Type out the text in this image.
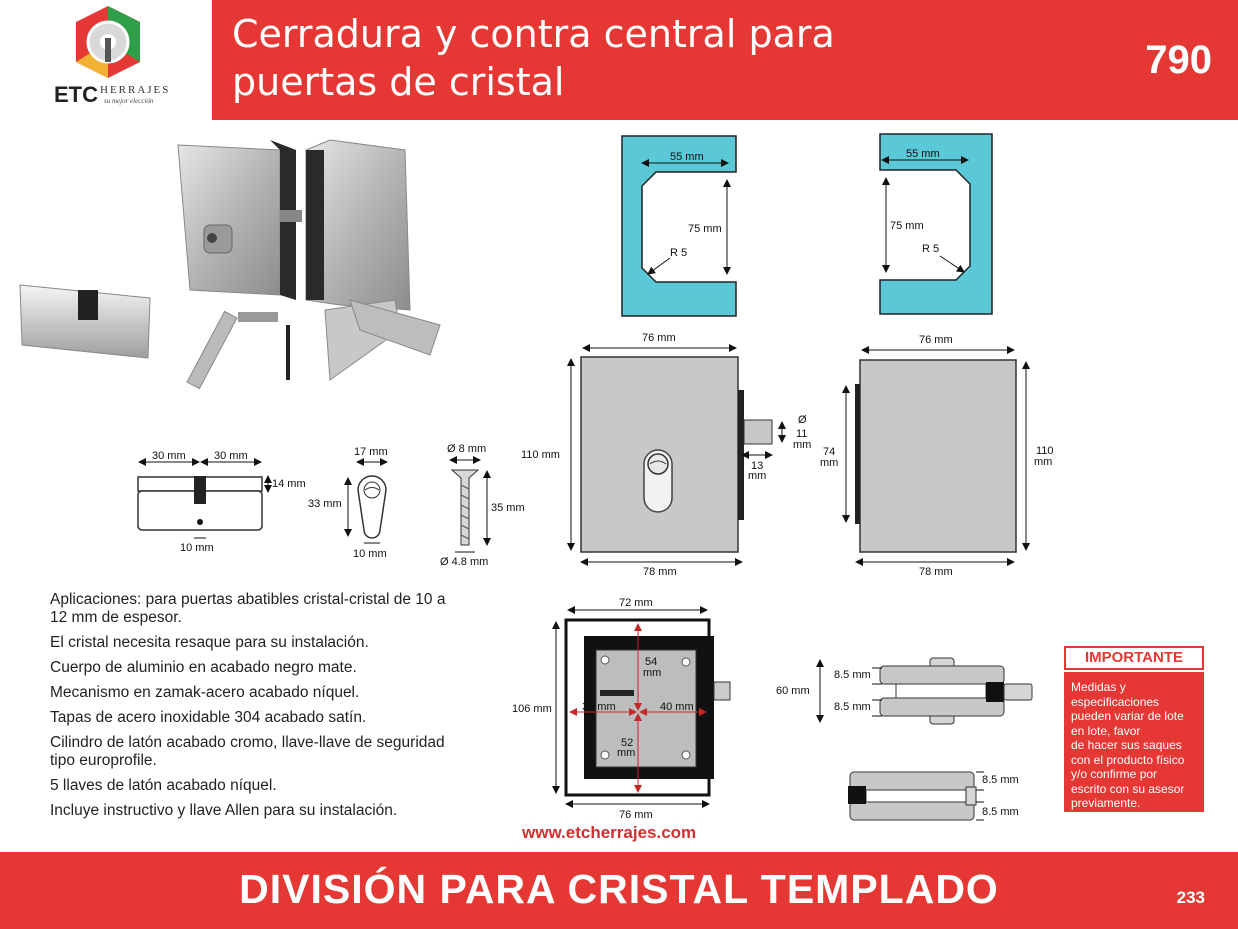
ETC HERRAJES
su mejor elección
Cerradura y contra central para
puertas de cristal	790
55 mm
75 mm
R 5
55 mm
75 mm
R 5
76 mm
78 mm
110 mm
Ø
11
mm
13
mm
76 mm
78 mm
74
mm
110
mm
30 mm	30 mm
14 mm
10 mm
17 mm
33 mm
10 mm
Ø 8 mm
35 mm
Ø 4.8 mm
72 mm
106 mm
76 mm
54
mm
36 mm	40 mm
52
mm
60 mm
8.5 mm
8.5 mm
8.5 mm
8.5 mm
Aplicaciones: para puertas abatibles cristal-cristal de 10 a 12 mm de espesor.
El cristal necesita resaque para su instalación.
Cuerpo de aluminio en acabado negro mate.
Mecanismo en zamak-acero acabado níquel.
Tapas de acero inoxidable 304 acabado satín.
Cilindro de latón acabado cromo, llave-llave de seguridad tipo europrofile.
5 llaves de latón acabado níquel.
Incluye instructivo y llave Allen para su instalación.
www.etcherrajes.com
IMPORTANTE
Medidas y
especificaciones
pueden variar de lote
en lote, favor
de hacer sus saques
con el producto físico
y/o confirme por
escrito con su asesor
previamente.
DIVISIÓN PARA CRISTAL TEMPLADO	233
